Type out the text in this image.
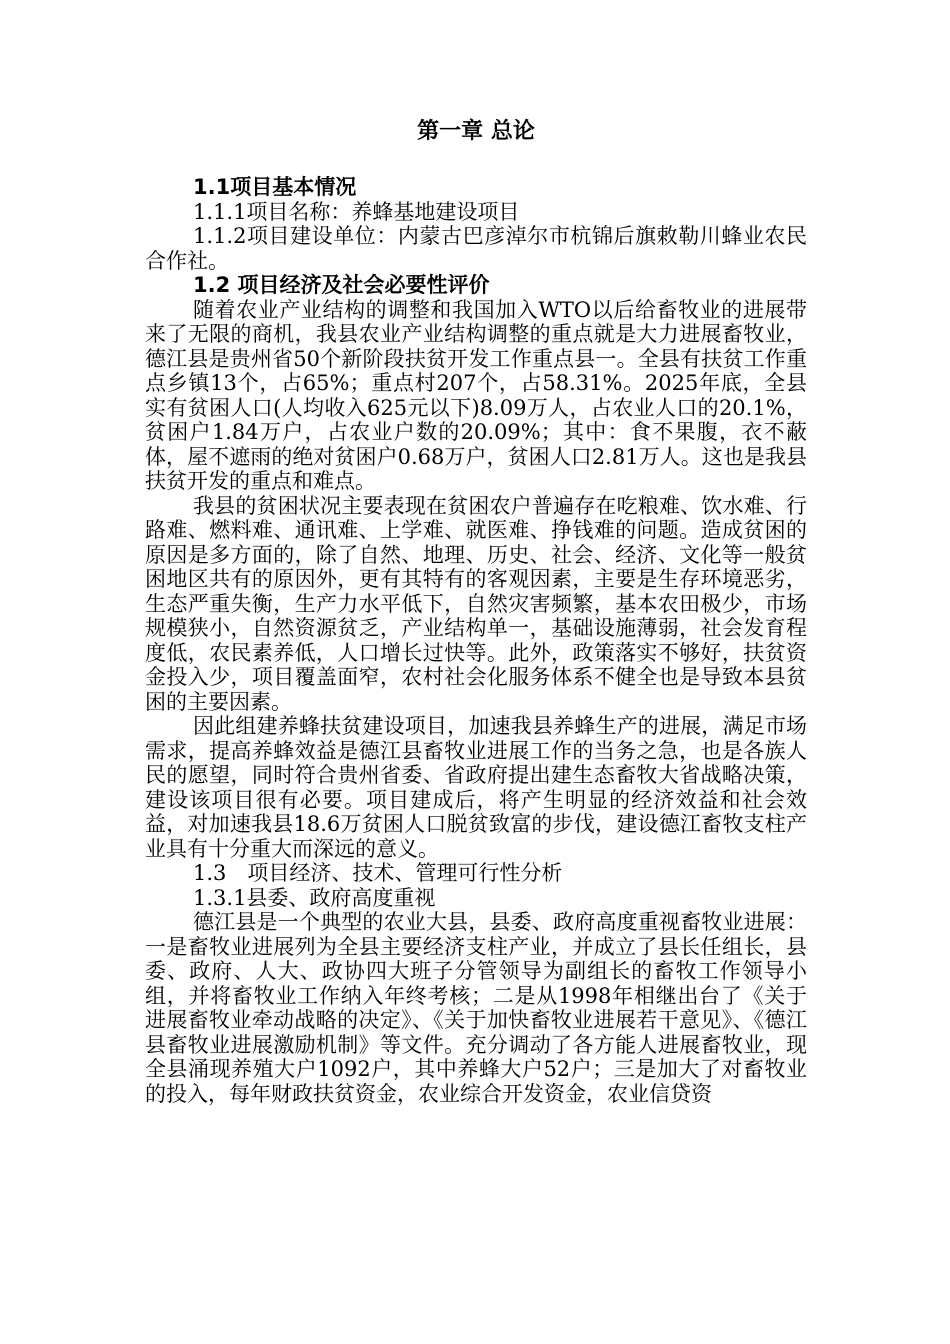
第一章 总论

1.1项目基本情况

1.1.1项目名称：养蜂基地建设项目

1.1.2项目建设单位：内蒙古巴彦淖尔市杭锦后旗敕勒川蜂业农民合作社。

1.2 项目经济及社会必要性评价

随着农业产业结构的调整和我国加入WTO以后给畜牧业的进展带来了无限的商机，我县农业产业结构调整的重点就是大力进展畜牧业，德江县是贵州省50个新阶段扶贫开发工作重点县一。全县有扶贫工作重点乡镇13个，占65%；重点村207个，占58.31%。2025年底，全县实有贫困人口(人均收入625元以下)8.09万人，占农业人口的20.1%，贫困户1.84万户，占农业户数的20.09%；其中：食不果腹，衣不蔽体，屋不遮雨的绝对贫困户0.68万户，贫困人口2.81万人。这也是我县扶贫开发的重点和难点。

我县的贫困状况主要表现在贫困农户普遍存在吃粮难、饮水难、行路难、燃料难、通讯难、上学难、就医难、挣钱难的问题。造成贫困的原因是多方面的，除了自然、地理、历史、社会、经济、文化等一般贫困地区共有的原因外，更有其特有的客观因素，主要是生存环境恶劣，生态严重失衡，生产力水平低下，自然灾害频繁，基本农田极少，市场规模狭小，自然资源贫乏，产业结构单一，基础设施薄弱，社会发育程度低，农民素养低，人口增长过快等。此外，政策落实不够好，扶贫资金投入少，项目覆盖面窄，农村社会化服务体系不健全也是导致本县贫困的主要因素。

因此组建养蜂扶贫建设项目，加速我县养蜂生产的进展，满足市场需求，提高养蜂效益是德江县畜牧业进展工作的当务之急，也是各族人民的愿望，同时符合贵州省委、省政府提出建生态畜牧大省战略决策，建设该项目很有必要。项目建成后，将产生明显的经济效益和社会效益，对加速我县18.6万贫困人口脱贫致富的步伐，建设德江畜牧支柱产业具有十分重大而深远的意义。

1.3　项目经济、技术、管理可行性分析

1.3.1县委、政府高度重视

德江县是一个典型的农业大县，县委、政府高度重视畜牧业进展：一是畜牧业进展列为全县主要经济支柱产业，并成立了县长任组长，县委、政府、人大、政协四大班子分管领导为副组长的畜牧工作领导小组，并将畜牧业工作纳入年终考核；二是从1998年相继出台了《关于进展畜牧业牵动战略的决定》、《关于加快畜牧业进展若干意见》、《德江县畜牧业进展激励机制》等文件。充分调动了各方能人进展畜牧业，现全县涌现养殖大户1092户，其中养蜂大户52户；三是加大了对畜牧业的投入，每年财政扶贫资金，农业综合开发资金，农业信贷资
